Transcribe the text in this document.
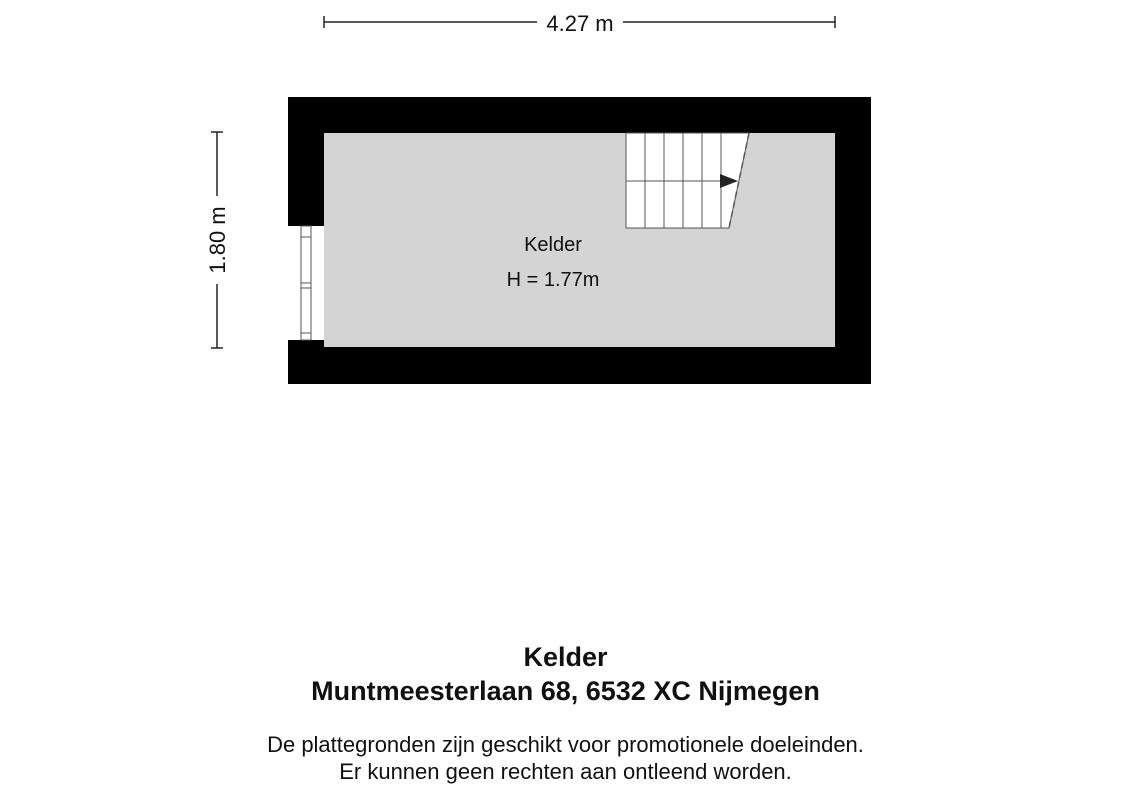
4.27 m
1.80 m	Kelder
H = 1.77m
Kelder
Muntmeesterlaan 68, 6532 XC Nijmegen
De plattegronden zijn geschikt voor promotionele doeleinden.
Er kunnen geen rechten aan ontleend worden.
